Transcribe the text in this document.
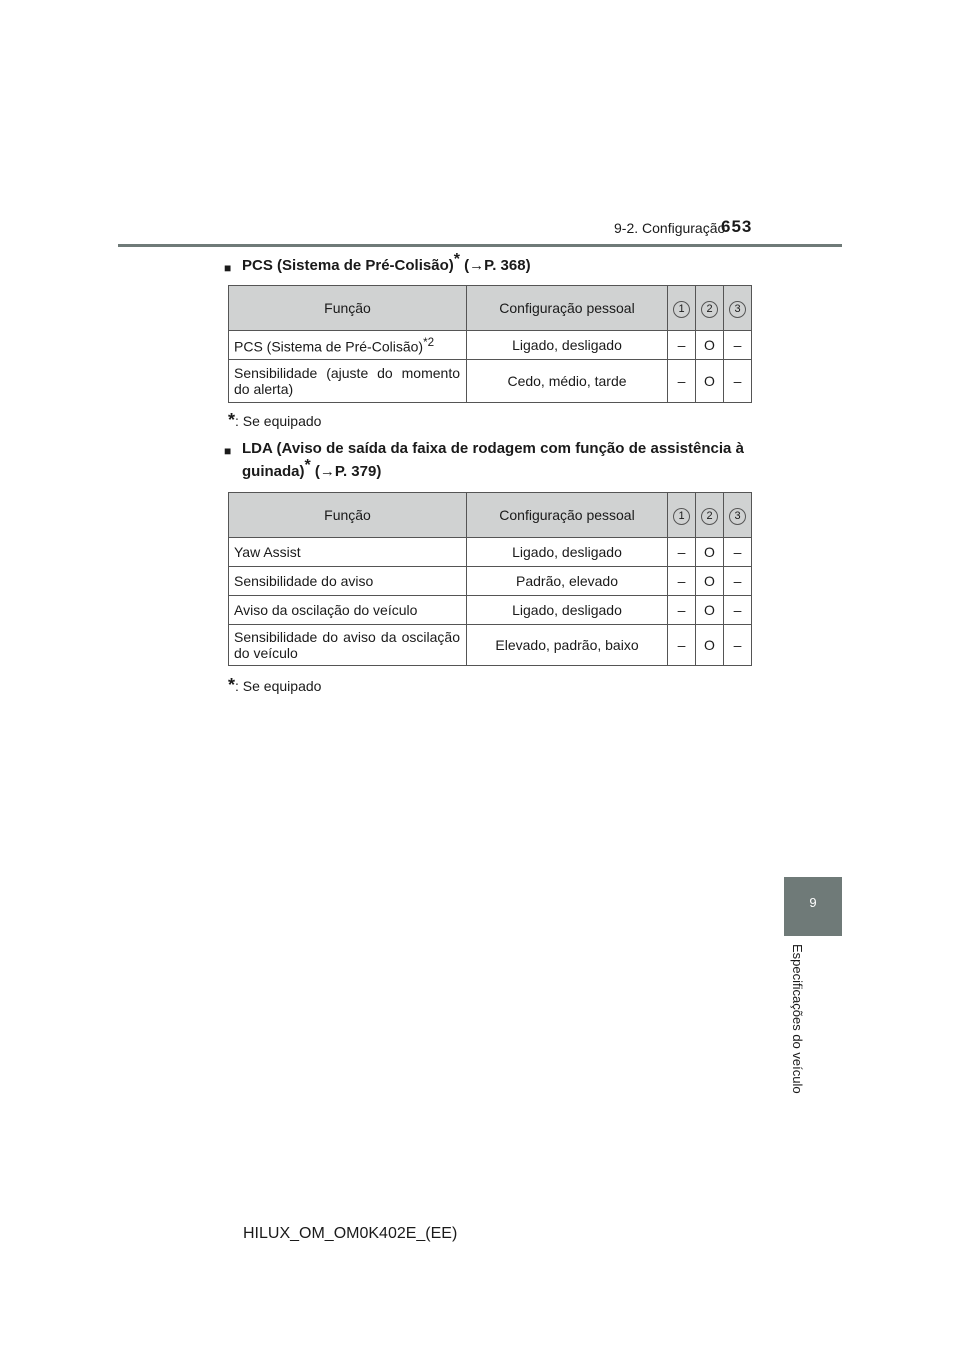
9-2. Configuração
653
■ PCS (Sistema de Pré-Colisão)* (→P. 368)
Função	Configuração pessoal	1	2	3
PCS (Sistema de Pré-Colisão)$^{*2}$	Ligado, desligado	–	O	–
Sensibilidade (ajuste do momento do alerta)	Cedo, médio, tarde	–	O	–
*: Se equipado
■ LDA (Aviso de saída da faixa de rodagem com função de assistência à guinada)* (→P. 379)
Função	Configuração pessoal	1	2	3
Yaw Assist	Ligado, desligado	–	O	–
Sensibilidade do aviso	Padrão, elevado	–	O	–
Aviso da oscilação do veículo	Ligado, desligado	–	O	–
Sensibilidade do aviso da oscilação do veículo	Elevado, padrão, baixo	–	O	–
*: Se equipado
9
Especificações do veículo
HILUX_OM_OM0K402E_(EE)
